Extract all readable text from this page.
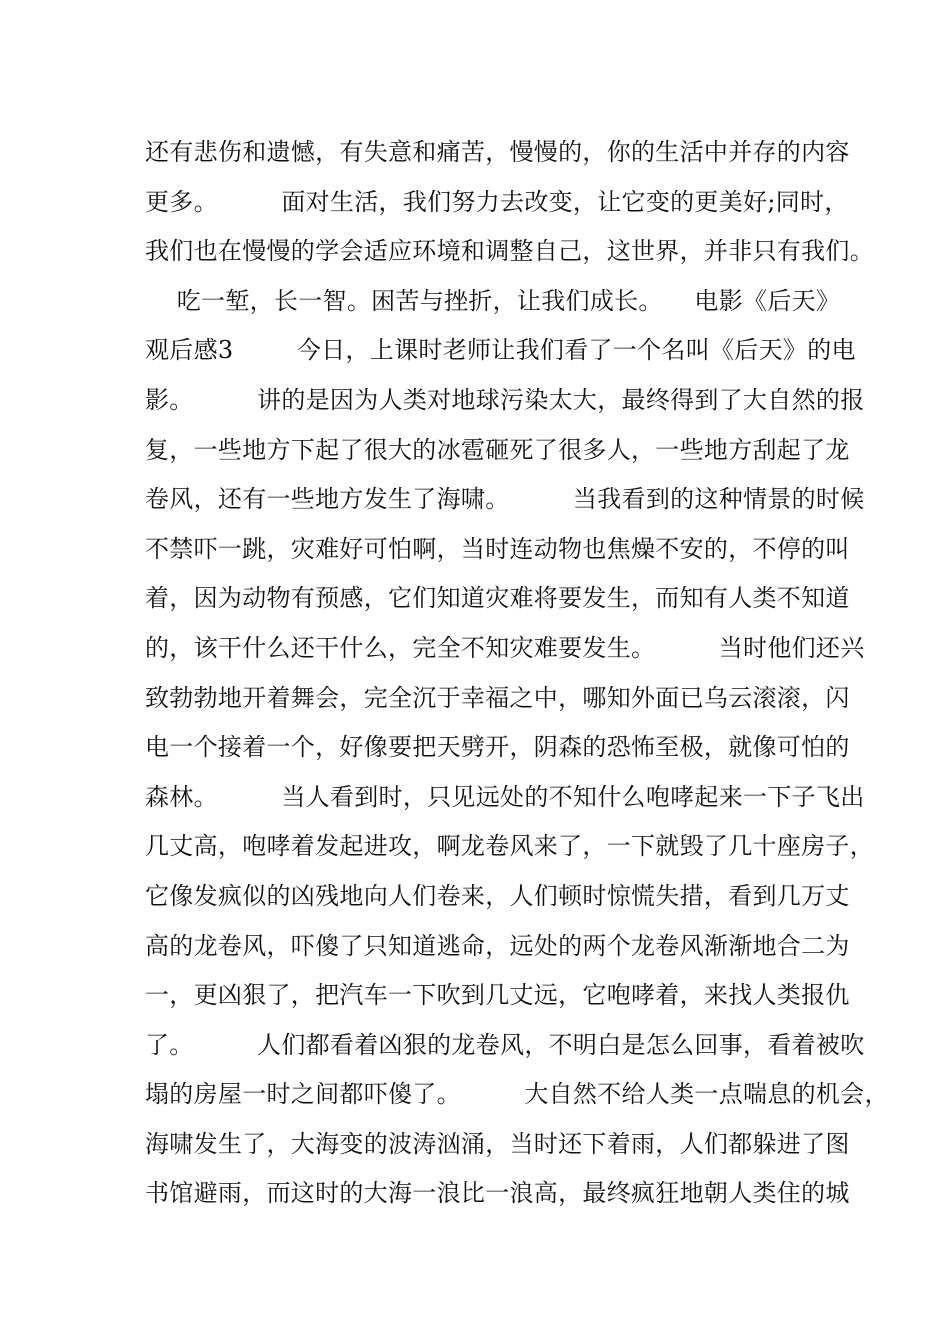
还有悲伤和遗憾，有失意和痛苦，慢慢的，你的生活中并存的内容
更多。        面对生活，我们努力去改变，让它变的更美好;同时，
我们也在慢慢的学会适应环境和调整自己，这世界，并非只有我们。
吃一堑，长一智。困苦与挫折，让我们成长。    电影《后天》
观后感3        今日，上课时老师让我们看了一个名叫《后天》的电
影。        讲的是因为人类对地球污染太大，最终得到了大自然的报
复，一些地方下起了很大的冰雹砸死了很多人，一些地方刮起了龙
卷风，还有一些地方发生了海啸。        当我看到的这种情景的时候
不禁吓一跳，灾难好可怕啊，当时连动物也焦燥不安的，不停的叫
着，因为动物有预感，它们知道灾难将要发生，而知有人类不知道
的，该干什么还干什么，完全不知灾难要发生。        当时他们还兴
致勃勃地开着舞会，完全沉于幸福之中，哪知外面已乌云滚滚，闪
电一个接着一个，好像要把天劈开，阴森的恐怖至极，就像可怕的
森林。        当人看到时，只见远处的不知什么咆哮起来一下子飞出
几丈高，咆哮着发起进攻，啊龙卷风来了，一下就毁了几十座房子，
它像发疯似的凶残地向人们卷来，人们顿时惊慌失措，看到几万丈
高的龙卷风，吓傻了只知道逃命，远处的两个龙卷风渐渐地合二为
一，更凶狠了，把汽车一下吹到几丈远，它咆哮着，来找人类报仇
了。        人们都看着凶狠的龙卷风，不明白是怎么回事，看着被吹
塌的房屋一时之间都吓傻了。        大自然不给人类一点喘息的机会，
海啸发生了，大海变的波涛汹涌，当时还下着雨，人们都躲进了图
书馆避雨，而这时的大海一浪比一浪高，最终疯狂地朝人类住的城
